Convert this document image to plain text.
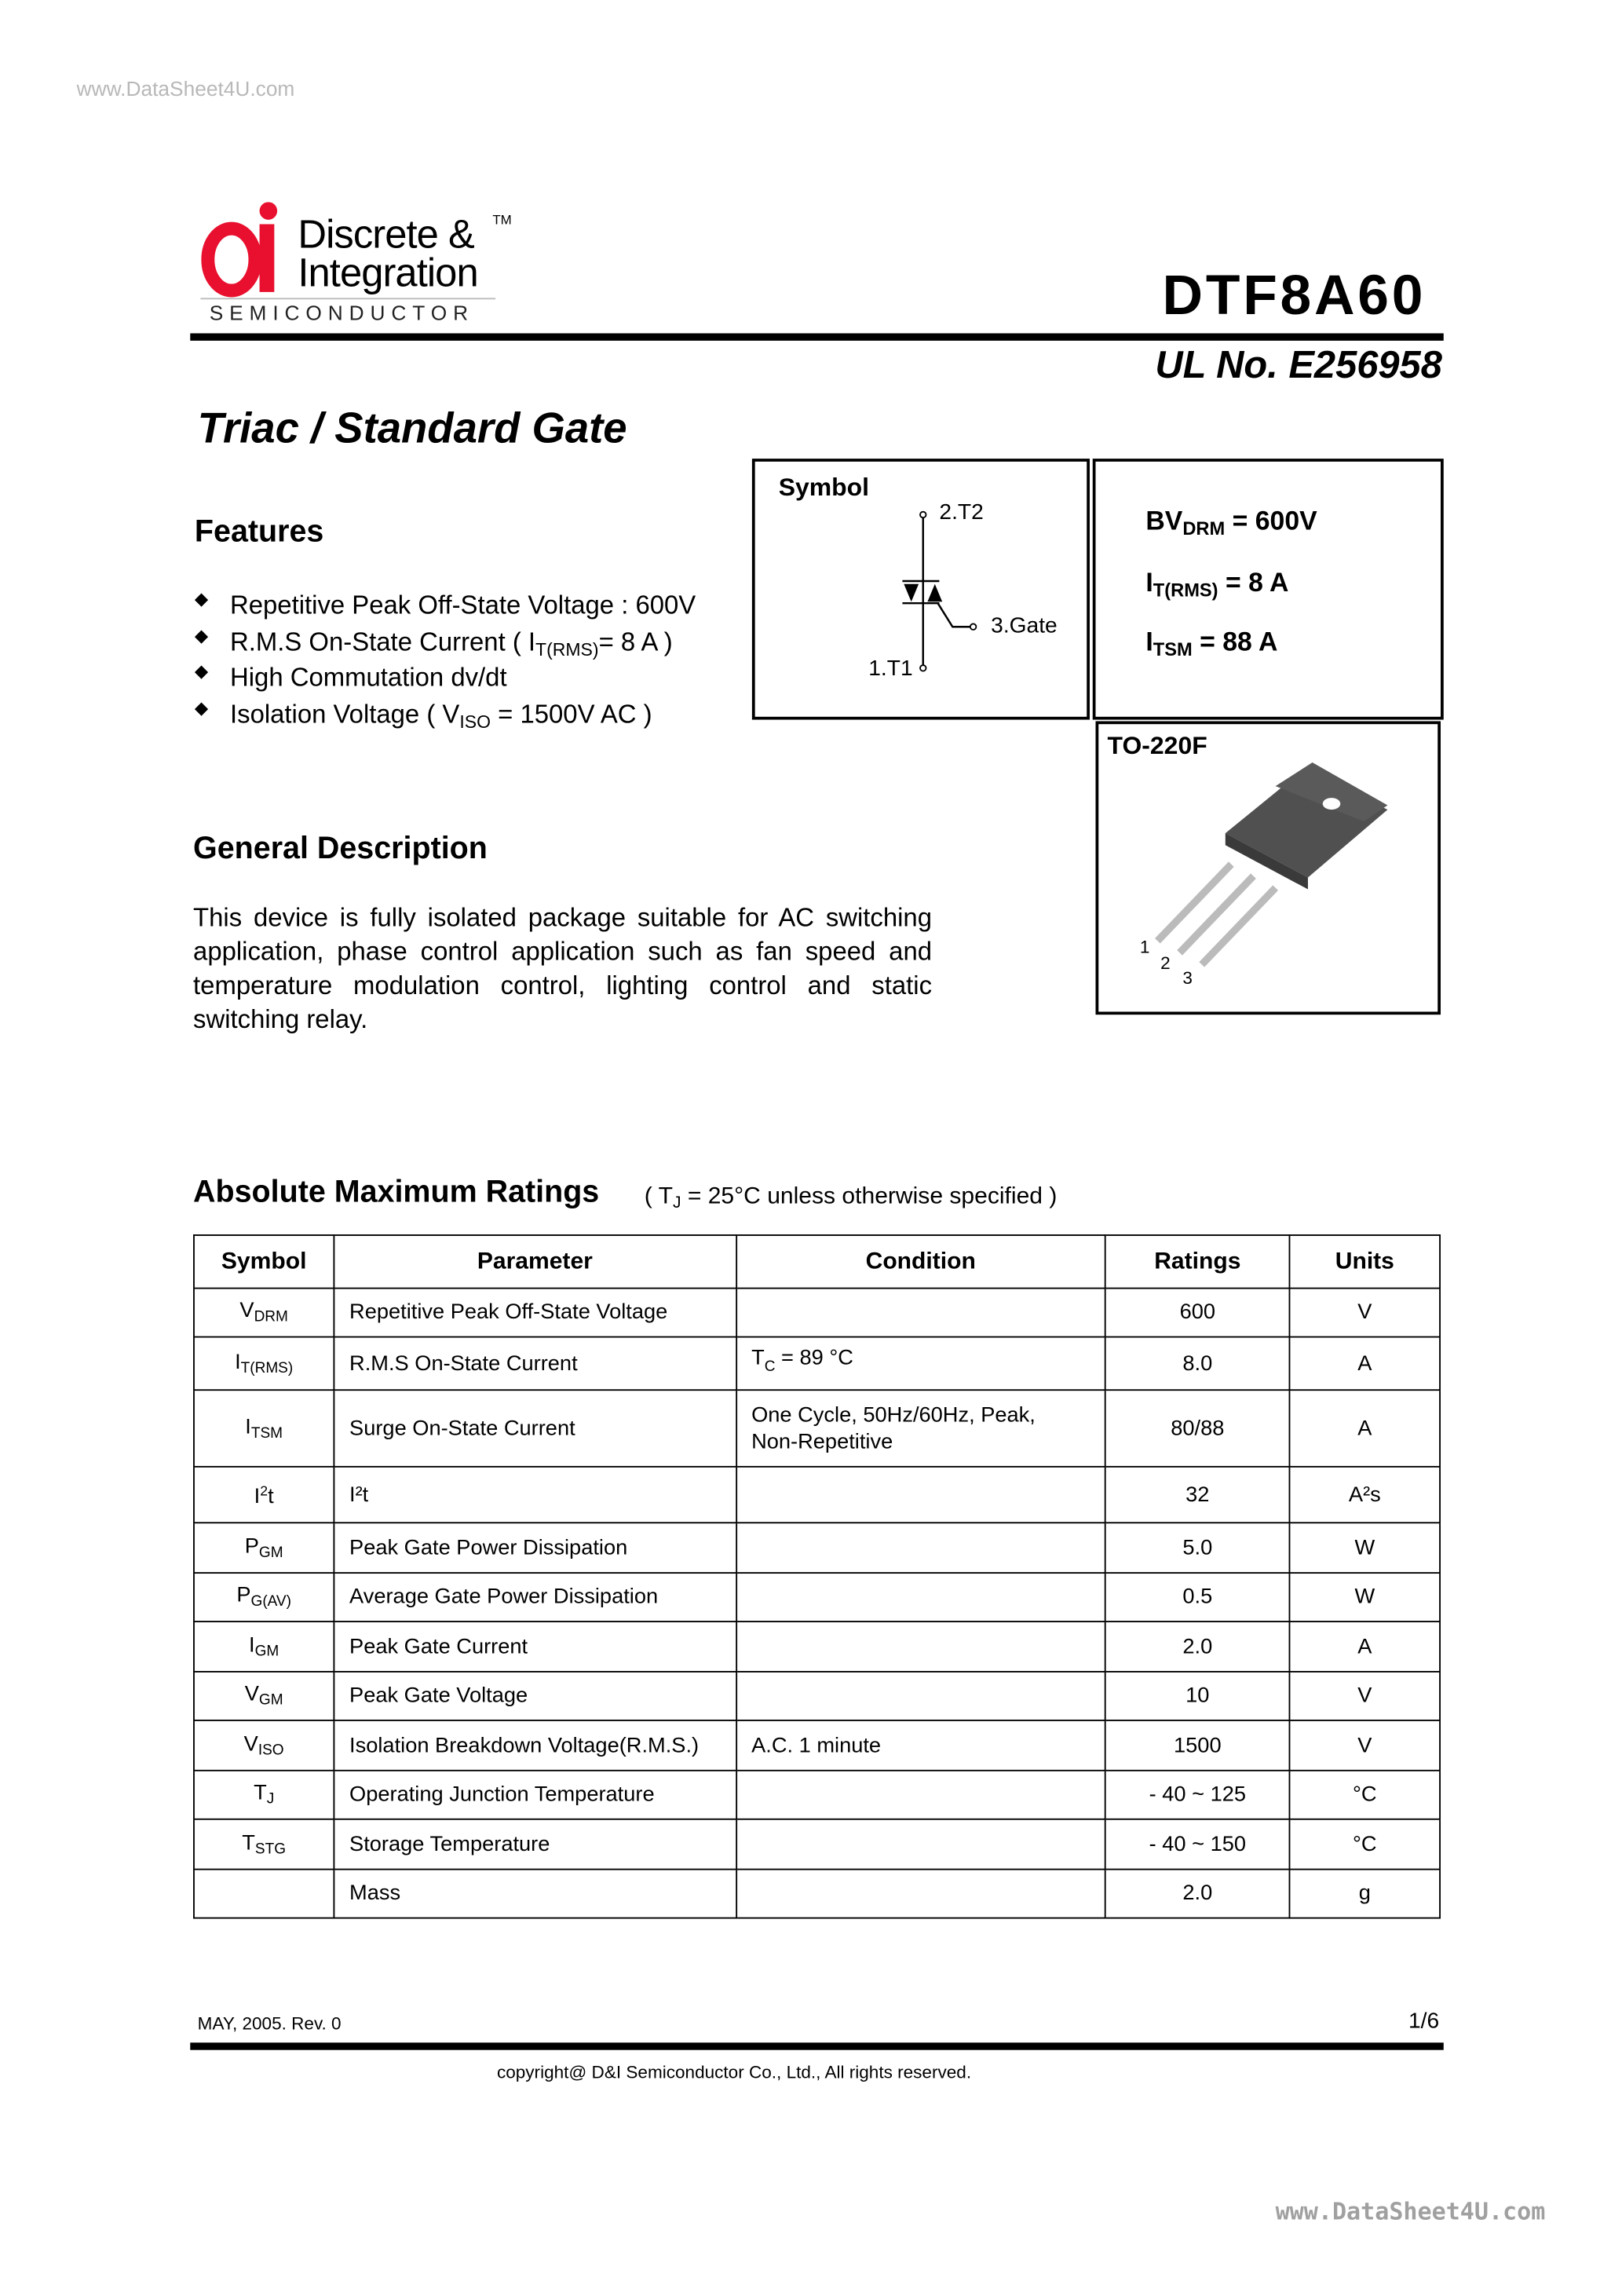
www.DataSheet4U.com
Discrete &
Integration
TM
SEMICONDUCTOR	DTF8A60
UL No. E256958
Triac / Standard Gate
Features
◆ Repetitive Peak Off-State Voltage : 600V
◆ R.M.S On-State Current ( $I_{T(RMS)}= 8$ A )
◆ High Commutation dv/dt
◆ Isolation Voltage ( $V_{ISO} = 1500V$ AC )
General Description
This device is fully isolated package suitable for AC switching application, phase control application such as fan speed and temperature modulation control, lighting control and static switching relay.
Symbol
2.T2
3.Gate
1.T1
$BV_{DRM} = 600V$
$I_{T(RMS)} = 8$ A
$I_{TSM} = 88$ A
TO-220F
1
2
3
Absolute Maximum Ratings	( $T_J = 25^\circ C$ unless otherwise specified )
Symbol	Parameter	Condition	Ratings	Units
$V_{DRM}$	Repetitive Peak Off-State Voltage		600	V
$I_{T(RMS)}$	R.M.S On-State Current	$T_C = 89$ °C	8.0	A
$I_{TSM}$	Surge On-State Current	One Cycle, 50Hz/60Hz, Peak,
Non-Repetitive	80/88	A
$I^2t$	I²t		32	A²s
$P_{GM}$	Peak Gate Power Dissipation		5.0	W
$P_{G(AV)}$	Average Gate Power Dissipation		0.5	W
$I_{GM}$	Peak Gate Current		2.0	A
$V_{GM}$	Peak Gate Voltage		10	V
$V_{ISO}$	Isolation Breakdown Voltage(R.M.S.)	A.C. 1 minute	1500	V
$T_J$	Operating Junction Temperature		- 40 ~ 125	°C
$T_{STG}$	Storage Temperature		- 40 ~ 150	°C
	Mass		2.0	g
MAY, 2005. Rev. 0	1/6
copyright@ D&I Semiconductor Co., Ltd., All rights reserved.
www.DataSheet4U.com
